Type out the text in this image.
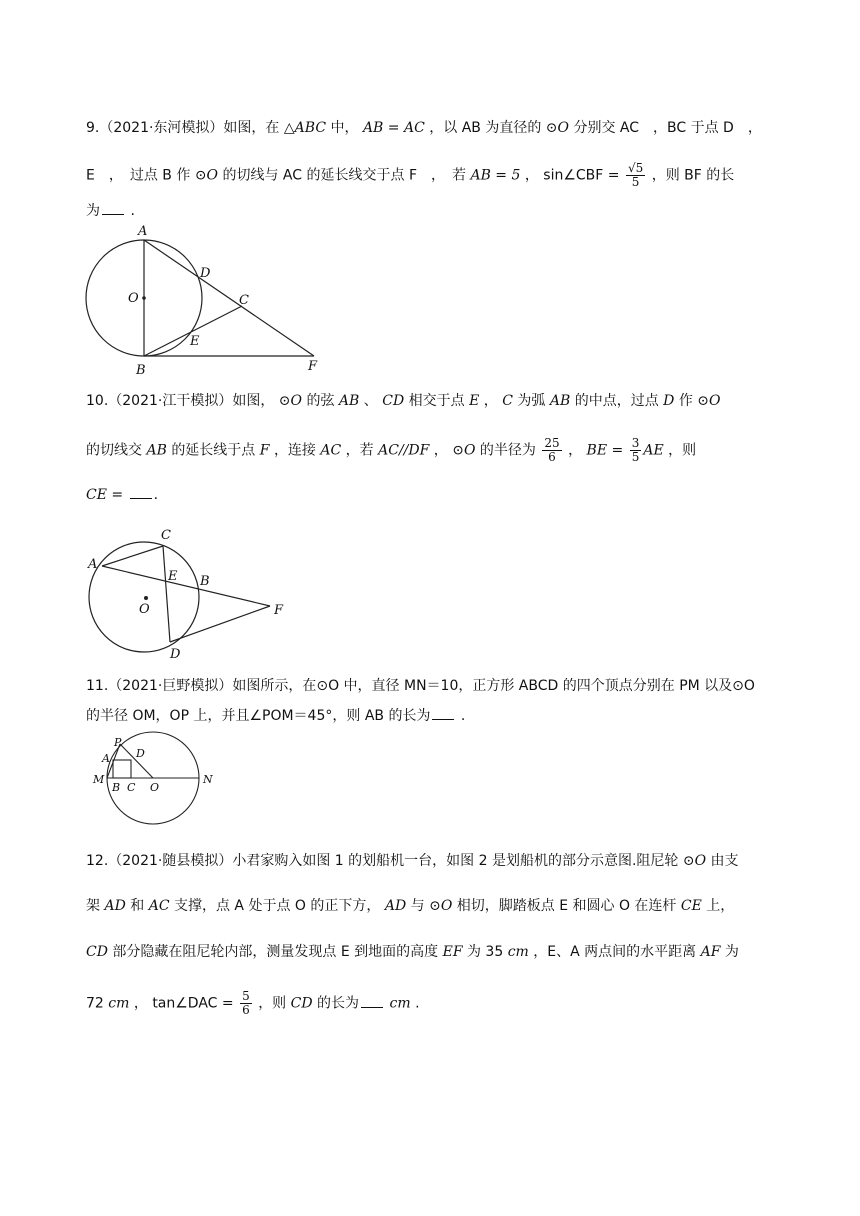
9.（2021·东河模拟）如图，在 △ABC 中， AB = AC ，以 AB 为直径的 ⊙O 分别交 AC　，BC 于点 D　，
E　，　过点 B 作 ⊙O 的切线与 AC 的延长线交于点 F　，　若 AB = 5 ， sin∠CBF = $\frac{√5}{5}$ ，则 BF 的长
为 .
A
O
D
C
E
B	F
10.（2021·江干模拟）如图， ⊙O 的弦 AB 、 CD 相交于点 E ， C 为弧 AB 的中点，过点 D 作 ⊙O
的切线交 AB 的延长线于点 F ，连接 AC ，若 AC//DF ， ⊙O 的半径为 $\frac{25}{6}$ ， BE = $\frac{3}{5}$ AE ，则
CE = .
A
C
E B
O	F
D
11.（2021·巨野模拟）如图所示，在⊙O 中，直径 MN＝10，正方形 ABCD 的四个顶点分别在 PM 以及⊙O
的半径 OM，OP 上，并且∠POM＝45°，则 AB 的长为 .
P
D
A
M
B C O
N
12.（2021·随县模拟）小君家购入如图 1 的划船机一台，如图 2 是划船机的部分示意图.阻尼轮 ⊙O 由支
架 AD 和 AC 支撑，点 A 处于点 O 的正下方， AD 与 ⊙O 相切，脚踏板点 E 和圆心 O 在连杆 CE 上，
CD 部分隐藏在阻尼轮内部，测量发现点 E 到地面的高度 EF 为 35 cm ，E、A 两点间的水平距离 AF 为
72 cm ， tan∠DAC = $\frac{5}{6}$ ，则 CD 的长为 cm .
